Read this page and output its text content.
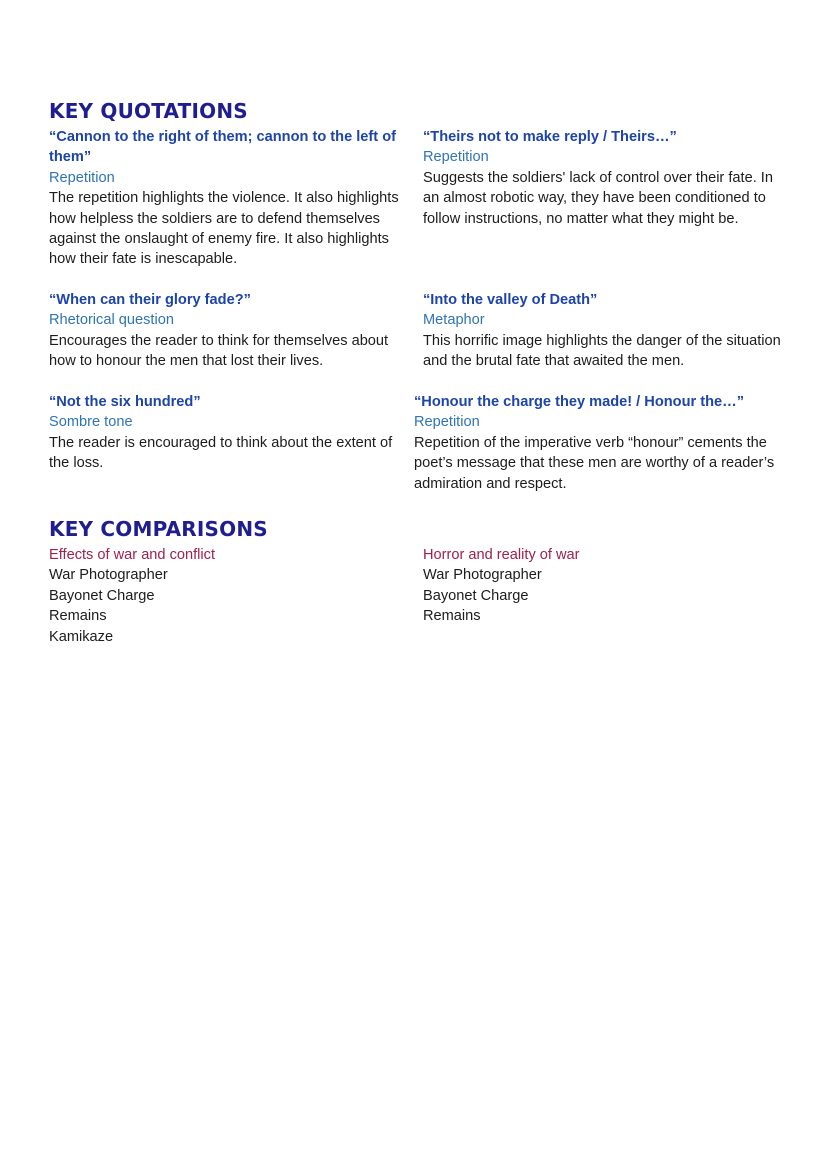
KEY QUOTATIONS
“Cannon to the right of them; cannon to the left of them”
Repetition
The repetition highlights the violence. It also highlights how helpless the soldiers are to defend themselves against the onslaught of enemy fire. It also highlights how their fate is inescapable.
“Theirs not to make reply / Theirs…”
Repetition
Suggests the soldiers' lack of control over their fate. In an almost robotic way, they have been conditioned to follow instructions, no matter what they might be.
“When can their glory fade?”
Rhetorical question
Encourages the reader to think for themselves about how to honour the men that lost their lives.
“Into the valley of Death”
Metaphor
This horrific image highlights the danger of the situation and the brutal fate that awaited the men.
“Not the six hundred”
Sombre tone
The reader is encouraged to think about the extent of the loss.
“Honour the charge they made! / Honour the…”
Repetition
Repetition of the imperative verb “honour” cements the poet’s message that these men are worthy of a reader’s admiration and respect.
KEY COMPARISONS
Effects of war and conflict
War Photographer
Bayonet Charge
Remains
Kamikaze
Horror and reality of war
War Photographer
Bayonet Charge
Remains
